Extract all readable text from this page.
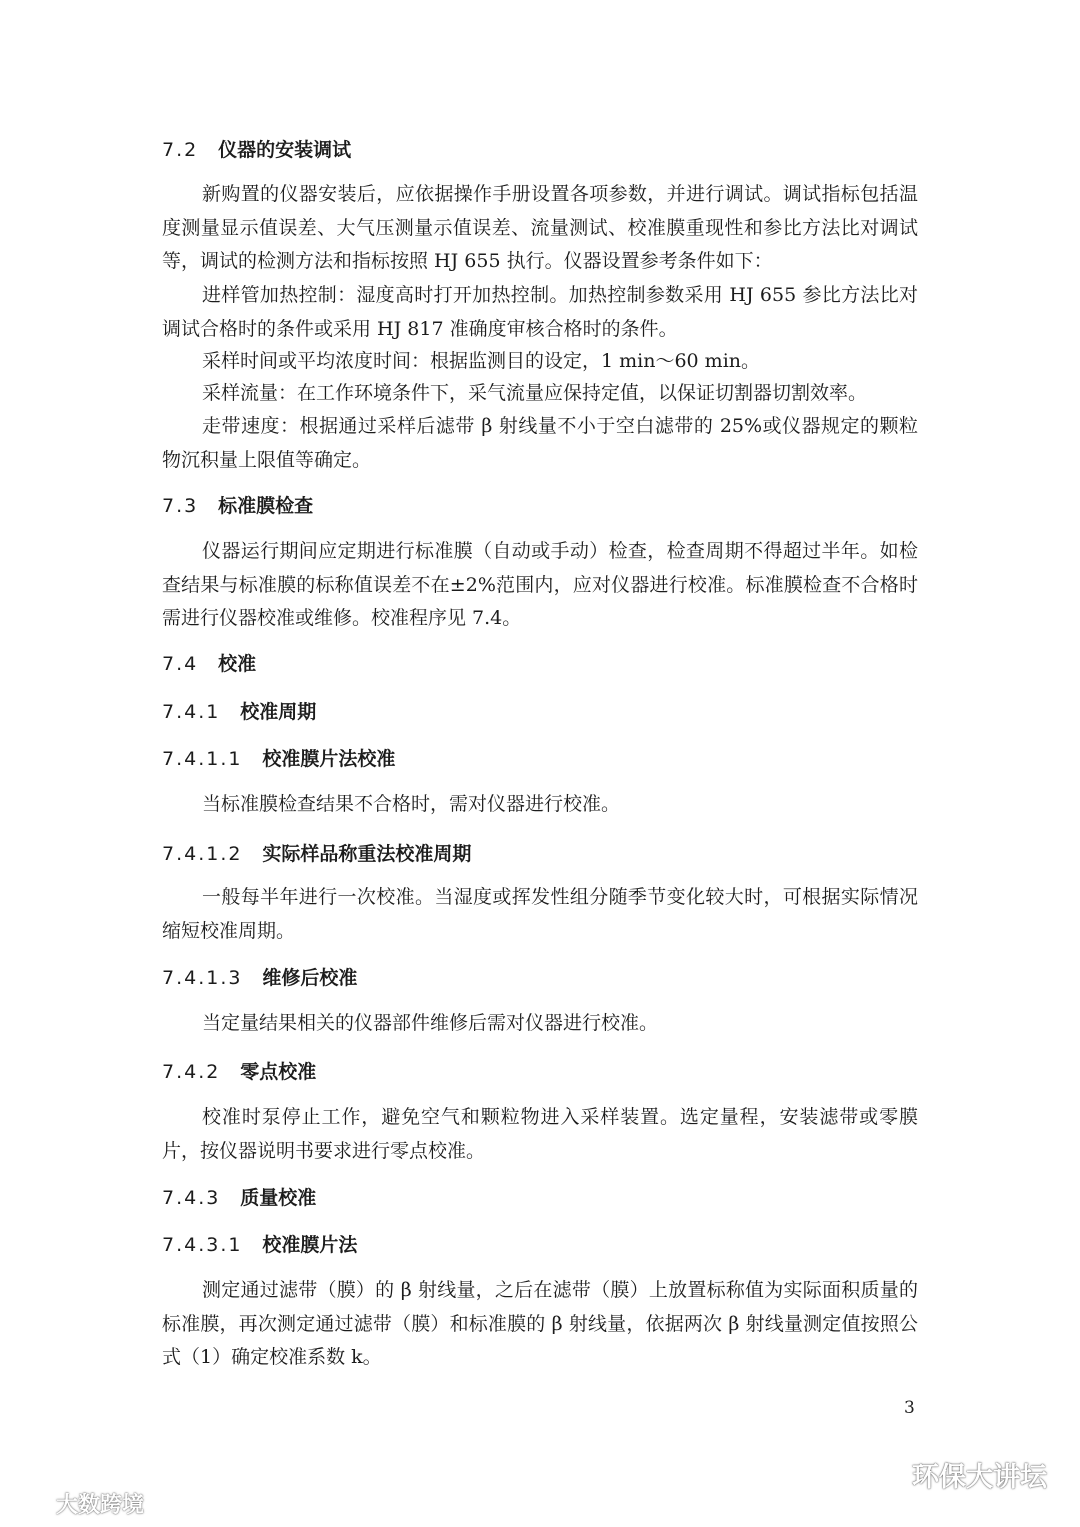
7.2 仪器的安装调试
新购置的仪器安装后，应依据操作手册设置各项参数，并进行调试。调试指标包括温度测量显示值误差、大气压测量示值误差、流量测试、校准膜重现性和参比方法比对调试等，调试的检测方法和指标按照 HJ 655 执行。仪器设置参考条件如下：
进样管加热控制：湿度高时打开加热控制。加热控制参数采用 HJ 655 参比方法比对调试合格时的条件或采用 HJ 817 准确度审核合格时的条件。
采样时间或平均浓度时间：根据监测目的设定，1 min～60 min。
采样流量：在工作环境条件下，采气流量应保持定值，以保证切割器切割效率。
走带速度：根据通过采样后滤带 β 射线量不小于空白滤带的 25%或仪器规定的颗粒物沉积量上限值等确定。
7.3 标准膜检查
仪器运行期间应定期进行标准膜（自动或手动）检查，检查周期不得超过半年。如检查结果与标准膜的标称值误差不在±2%范围内，应对仪器进行校准。标准膜检查不合格时需进行仪器校准或维修。校准程序见 7.4。
7.4 校准
7.4.1 校准周期
7.4.1.1 校准膜片法校准
当标准膜检查结果不合格时，需对仪器进行校准。
7.4.1.2 实际样品称重法校准周期
一般每半年进行一次校准。当湿度或挥发性组分随季节变化较大时，可根据实际情况缩短校准周期。
7.4.1.3 维修后校准
当定量结果相关的仪器部件维修后需对仪器进行校准。
7.4.2 零点校准
校准时泵停止工作，避免空气和颗粒物进入采样装置。选定量程，安装滤带或零膜片，按仪器说明书要求进行零点校准。
7.4.3 质量校准
7.4.3.1 校准膜片法
测定通过滤带（膜）的 β 射线量，之后在滤带（膜）上放置标称值为实际面积质量的标准膜，再次测定通过滤带（膜）和标准膜的 β 射线量，依据两次 β 射线量测定值按照公式（1）确定校准系数 k。
3
环保大讲坛
大数跨境
